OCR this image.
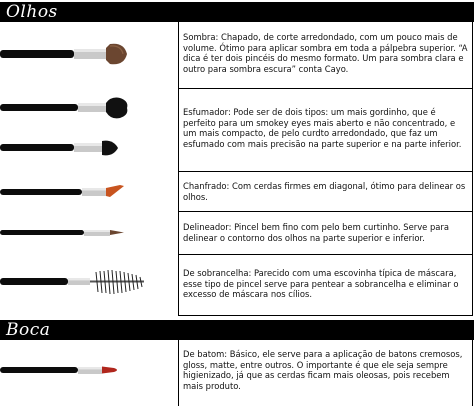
Olhos
Sombra: Chapado, de corte arredondado, com um pouco mais de volume. Ótimo para aplicar sombra em toda a pálpebra superior. “A dica é ter dois pincéis do mesmo formato. Um para sombra clara e outro para sombra escura” conta Cayo.
Esfumador: Pode ser de dois tipos: um mais gordinho, que é perfeito para um smokey eyes mais aberto e não concentrado, e um mais compacto, de pelo curdto arredondado, que faz um esfumado com mais precisão na parte superior e na parte inferior.
Chanfrado: Com cerdas firmes em diagonal, ótimo para delinear os olhos.
Delineador: Pincel bem fino com pelo bem curtinho. Serve para delinear o contorno dos olhos na parte superior e inferior.
De sobrancelha: Parecido com uma escovinha típica de máscara, esse tipo de pincel serve para pentear a sobrancelha e eliminar o excesso de máscara nos cílios.
Boca
De batom: Básico, ele serve para a aplicação de batons cremosos, gloss, matte, entre outros. O importante é que ele seja sempre higienizado, já que as cerdas ficam mais oleosas, pois recebem mais produto.
